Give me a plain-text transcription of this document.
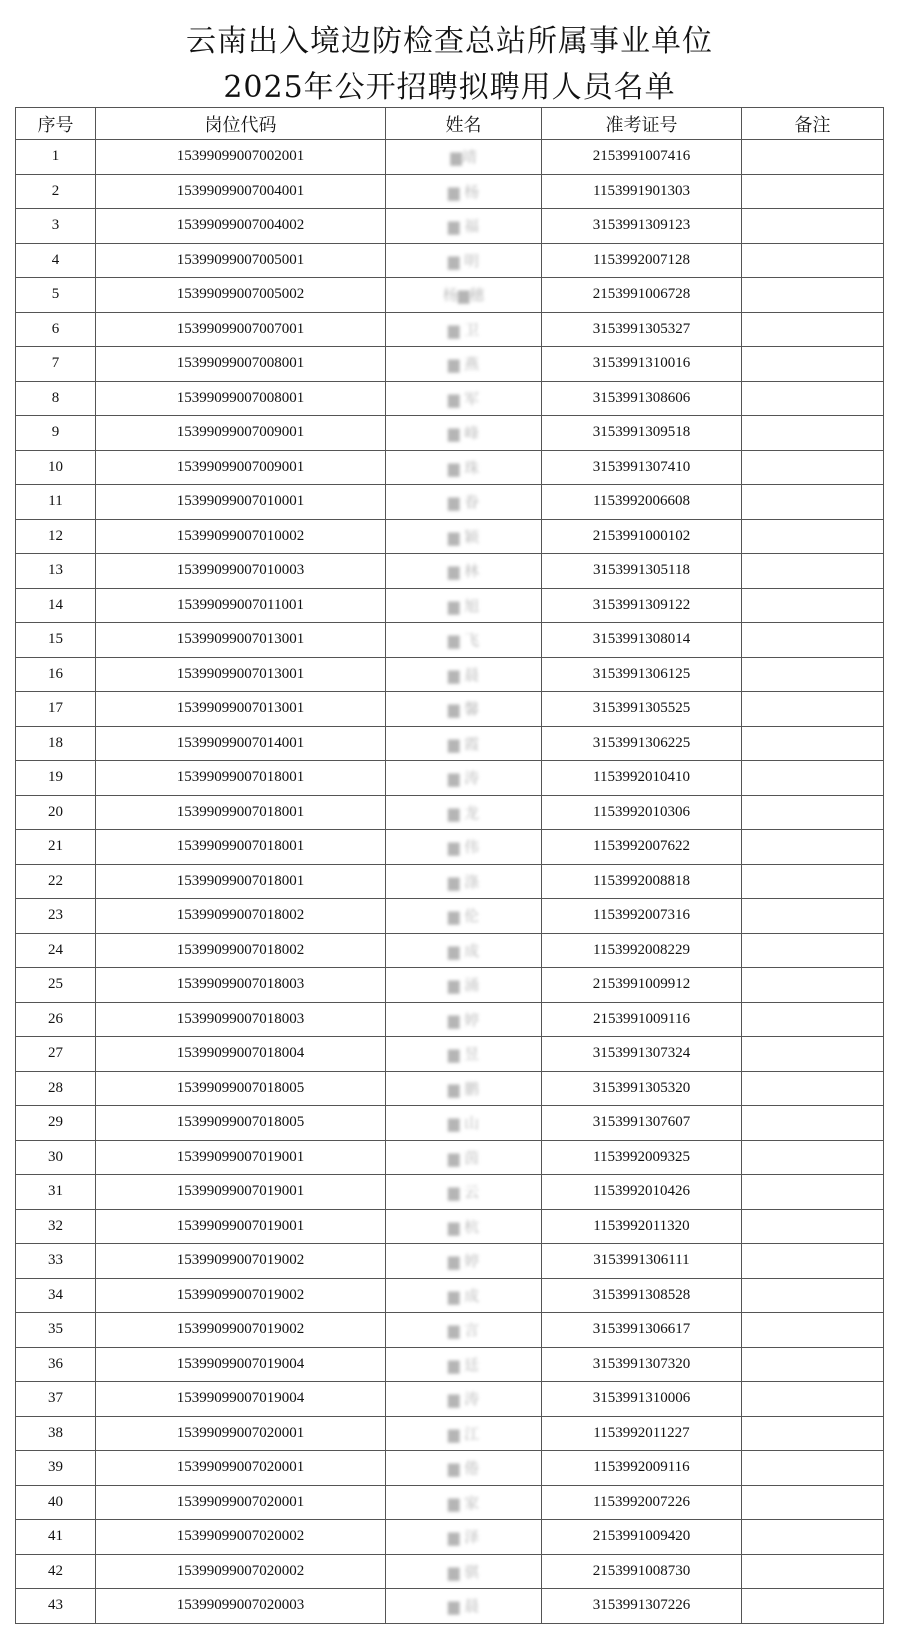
云南出入境边防检查总站所属事业单位
2025年公开招聘拟聘用人员名单
序号	岗位代码	姓名	准考证号	备注
1	15399099007002001	▆靖	2153991007416	
2	15399099007004001	▆ 杨	1153991901303	
3	15399099007004002	▆ 福	3153991309123	
4	15399099007005001	▆ 明	1153992007128	
5	15399099007005002	杨▆穗	2153991006728	
6	15399099007007001	▆ 卫	3153991305327	
7	15399099007008001	▆ 燕	3153991310016	
8	15399099007008001	▆ 军	3153991308606	
9	15399099007009001	▆ 峰	3153991309518	
10	15399099007009001	▆ 珠	3153991307410	
11	15399099007010001	▆ 眷	1153992006608	
12	15399099007010002	▆ 颖	2153991000102	
13	15399099007010003	▆ 林	3153991305118	
14	15399099007011001	▆ 旭	3153991309122	
15	15399099007013001	▆ 飞	3153991308014	
16	15399099007013001	▆ 晨	3153991306125	
17	15399099007013001	▆ 馨	3153991305525	
18	15399099007014001	▆ 霞	3153991306225	
19	15399099007018001	▆ 涛	1153992010410	
20	15399099007018001	▆ 龙	1153992010306	
21	15399099007018001	▆ 伟	1153992007622	
22	15399099007018001	▆ 涤	1153992008818	
23	15399099007018002	▆ 伦	1153992007316	
24	15399099007018002	▆ 成	1153992008229	
25	15399099007018003	▆ 涌	2153991009912	
26	15399099007018003	▆ 婷	2153991009116	
27	15399099007018004	▆ 昱	3153991307324	
28	15399099007018005	▆ 鹏	3153991305320	
29	15399099007018005	▆ 山	3153991307607	
30	15399099007019001	▆ 茵	1153992009325	
31	15399099007019001	▆ 云	1153992010426	
32	15399099007019001	▆ 杭	1153992011320	
33	15399099007019002	▆ 婷	3153991306111	
34	15399099007019002	▆ 成	3153991308528	
35	15399099007019002	▆ 言	3153991306617	
36	15399099007019004	▆ 廷	3153991307320	
37	15399099007019004	▆ 涛	3153991310006	
38	15399099007020001	▆ 江	1153992011227	
39	15399099007020001	▆ 倦	1153992009116	
40	15399099007020001	▆ 家	1153992007226	
41	15399099007020002	▆ 泽	2153991009420	
42	15399099007020002	▆ 骐	2153991008730	
43	15399099007020003	▆ 晨	3153991307226	
